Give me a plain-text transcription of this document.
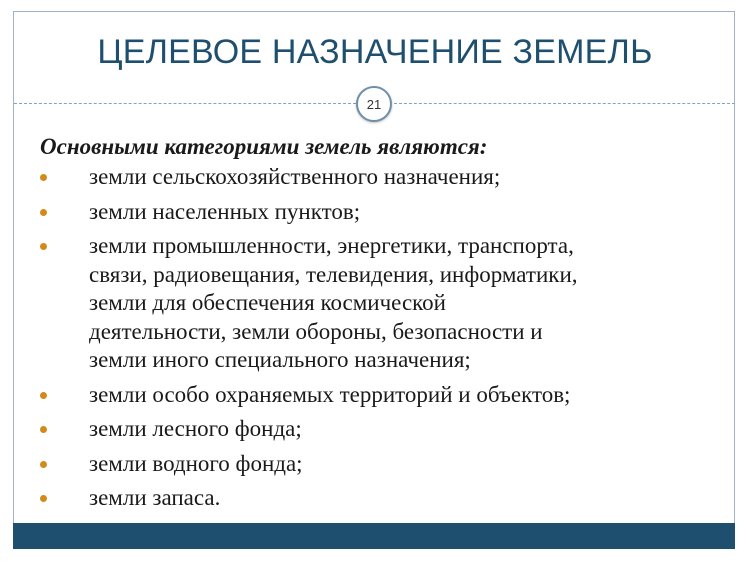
ЦЕЛЕВОЕ НАЗНАЧЕНИЕ ЗЕМЕЛЬ
21

Основными категориями земель являются:

земли сельскохозяйственного назначения;
земли населенных пунктов;
земли промышленности, энергетики, транспорта,
связи, радиовещания, телевидения, информатики,
земли для обеспечения космической
деятельности, земли обороны, безопасности и
земли иного специального назначения;
земли особо охраняемых территорий и объектов;
земли лесного фонда;
земли водного фонда;
земли запаса.
